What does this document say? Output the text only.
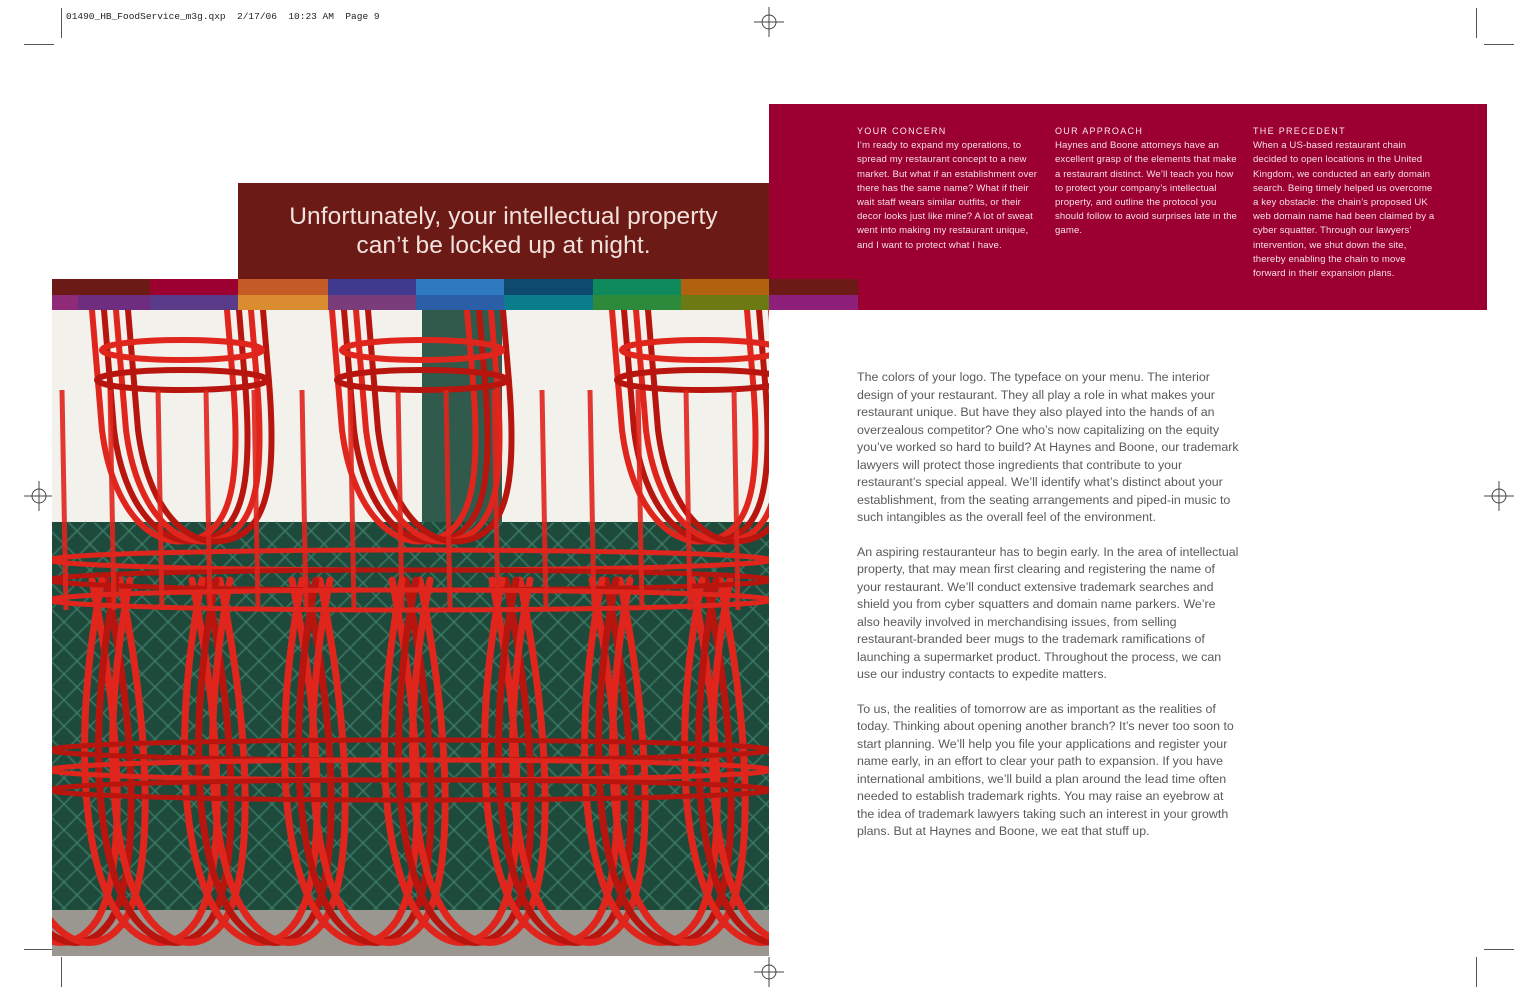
01490_HB_FoodService_m3g.qxp  2/17/06  10:23 AM  Page 9
YOUR CONCERN
I’m ready to expand my operations, to spread my restaurant concept to a new market. But what if an establishment over there has the same name? What if their wait staff wears similar outfits, or their decor looks just like mine? A lot of sweat went into making my restaurant unique, and I want to protect what I have.
OUR APPROACH
Haynes and Boone attorneys have an excellent grasp of the elements that make a restaurant distinct. We’ll teach you how to protect your company’s intellectual property, and outline the protocol you should follow to avoid surprises late in the game.
THE PRECEDENT
When a US-based restaurant chain decided to open locations in the United Kingdom, we conducted an early domain search. Being timely helped us overcome a key obstacle: the chain’s proposed UK web domain name had been claimed by a cyber squatter. Through our lawyers’ intervention, we shut down the site, thereby enabling the chain to move forward in their expansion plans.
Unfortunately, your intellectual property
can’t be locked up at night.

The colors of your logo. The typeface on your menu. The interior design of your restaurant. They all play a role in what makes your restaurant unique. But have they also played into the hands of an overzealous competitor? One who’s now capitalizing on the equity you’ve worked so hard to build? At Haynes and Boone, our trademark lawyers will protect those ingredients that contribute to your restaurant’s special appeal. We’ll identify what’s distinct about your establishment, from the seating arrangements and piped-in music to such intangibles as the overall feel of the environment.

An aspiring restauranteur has to begin early. In the area of intellectual property, that may mean first clearing and registering the name of your restaurant. We’ll conduct extensive trademark searches and shield you from cyber squatters and domain name parkers. We’re also heavily involved in merchandising issues, from selling restaurant-branded beer mugs to the trademark ramifications of launching a supermarket product. Throughout the process, we can use our industry contacts to expedite matters.

To us, the realities of tomorrow are as important as the realities of today. Thinking about opening another branch? It’s never too soon to start planning. We’ll help you file your applications and register your name early, in an effort to clear your path to expansion. If you have international ambitions, we’ll build a plan around the lead time often needed to establish trademark rights. You may raise an eyebrow at the idea of trademark lawyers taking such an interest in your growth plans. But at Haynes and Boone, we eat that stuff up.
